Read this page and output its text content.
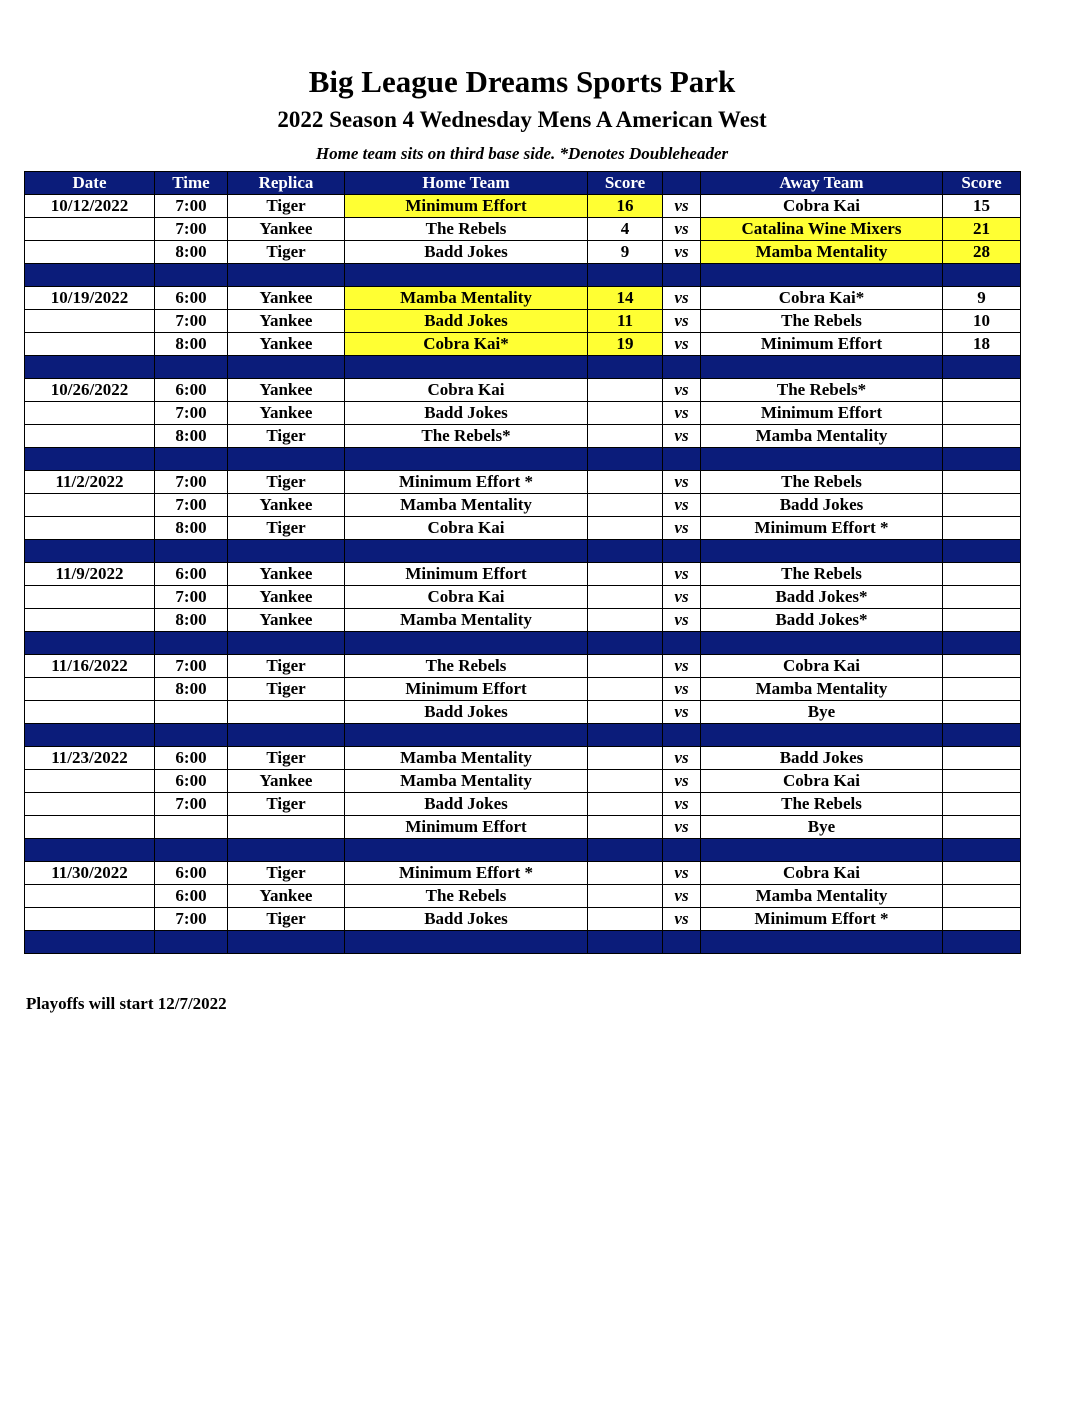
Big League Dreams Sports Park
2022 Season 4 Wednesday Mens A American West
Home team sits on third base side. *Denotes Doubleheader
Date	Time	Replica	Home Team	Score		Away Team	Score
10/12/2022	7:00	Tiger	Minimum Effort	16	vs	Cobra Kai	15
	7:00	Yankee	The Rebels	4	vs	Catalina Wine Mixers	21
	8:00	Tiger	Badd Jokes	9	vs	Mamba Mentality	28

10/19/2022	6:00	Yankee	Mamba Mentality	14	vs	Cobra Kai*	9
	7:00	Yankee	Badd Jokes	11	vs	The Rebels	10
	8:00	Yankee	Cobra Kai*	19	vs	Minimum Effort	18

10/26/2022	6:00	Yankee	Cobra Kai		vs	The Rebels*	
	7:00	Yankee	Badd Jokes		vs	Minimum Effort	
	8:00	Tiger	The Rebels*		vs	Mamba Mentality	

11/2/2022	7:00	Tiger	Minimum Effort *		vs	The Rebels	
	7:00	Yankee	Mamba Mentality		vs	Badd Jokes	
	8:00	Tiger	Cobra Kai		vs	Minimum Effort *	

11/9/2022	6:00	Yankee	Minimum Effort		vs	The Rebels	
	7:00	Yankee	Cobra Kai		vs	Badd Jokes*	
	8:00	Yankee	Mamba Mentality		vs	Badd Jokes*	

11/16/2022	7:00	Tiger	The Rebels		vs	Cobra Kai	
	8:00	Tiger	Minimum Effort		vs	Mamba Mentality	
			Badd Jokes		vs	Bye	

11/23/2022	6:00	Tiger	Mamba Mentality		vs	Badd Jokes	
	6:00	Yankee	Mamba Mentality		vs	Cobra Kai	
	7:00	Tiger	Badd Jokes		vs	The Rebels	
			Minimum Effort		vs	Bye	

11/30/2022	6:00	Tiger	Minimum Effort *		vs	Cobra Kai	
	6:00	Yankee	The Rebels		vs	Mamba Mentality	
	7:00	Tiger	Badd Jokes		vs	Minimum Effort *	

Playoffs will start 12/7/2022
